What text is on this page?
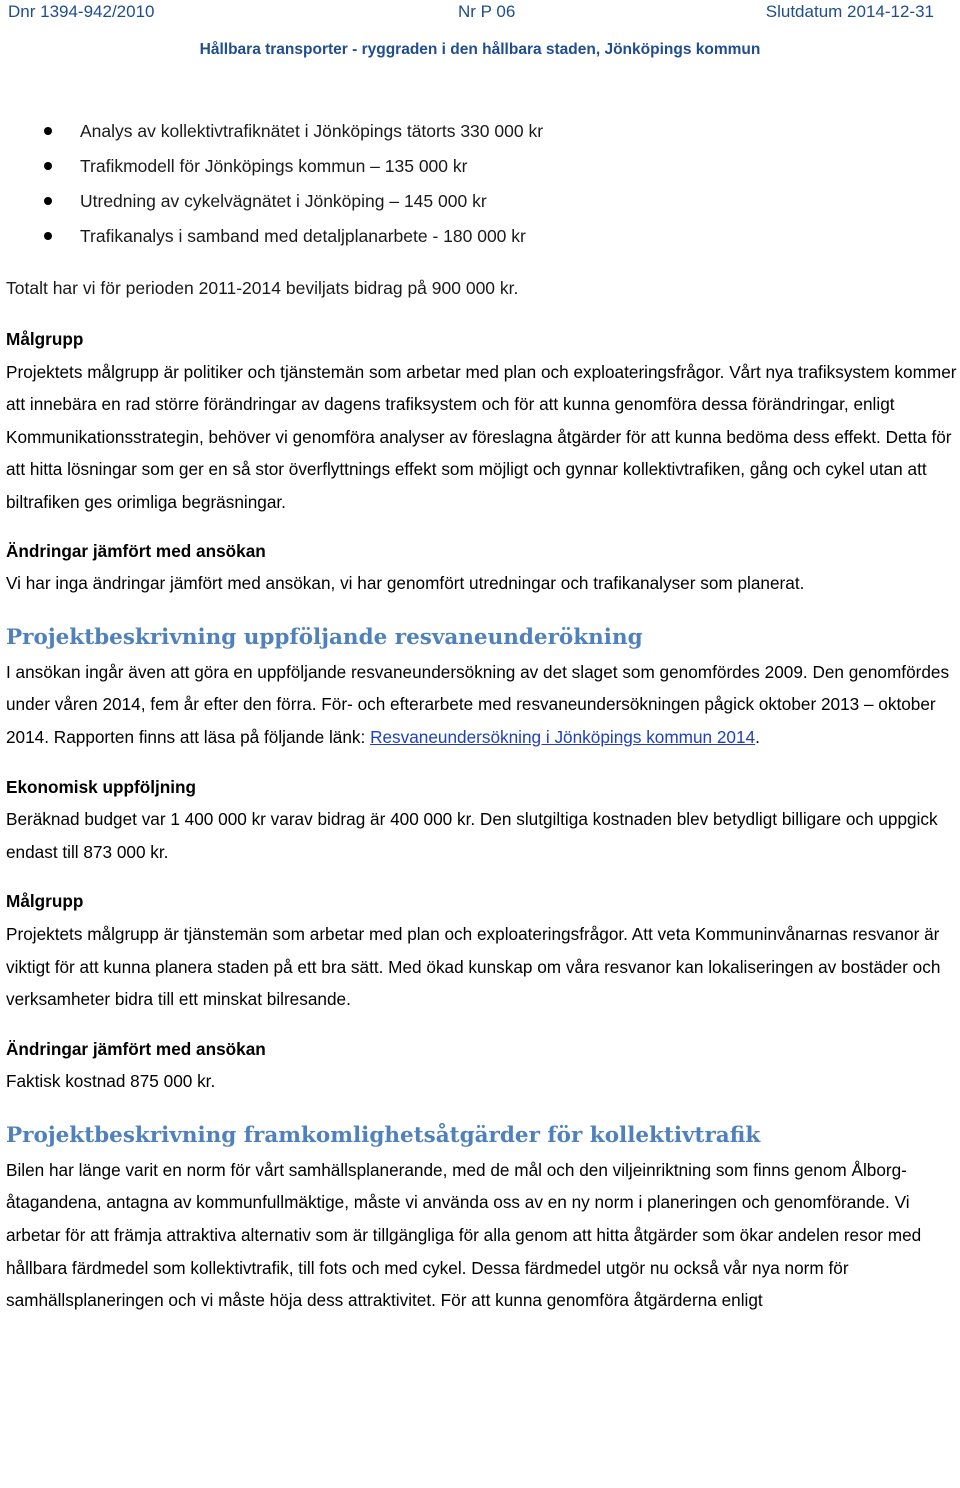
Dnr 1394-942/2010	Nr P 06	Slutdatum 2014-12-31
Hållbara transporter - ryggraden i den hållbara staden, Jönköpings kommun
Analys av kollektivtrafiknätet i Jönköpings tätorts 330 000 kr
Trafikmodell för Jönköpings kommun – 135 000 kr
Utredning av cykelvägnätet i Jönköping – 145 000 kr
Trafikanalys i samband med detaljplanarbete - 180 000 kr

Totalt har vi för perioden 2011-2014 beviljats bidrag på 900 000 kr.

Målgrupp

Projektets målgrupp är politiker och tjänstemän som arbetar med plan och exploateringsfrågor. Vårt nya trafiksystem kommer att innebära en rad större förändringar av dagens trafiksystem och för att kunna genomföra dessa förändringar, enligt Kommunikationsstrategin, behöver vi genomföra analyser av föreslagna åtgärder för att kunna bedöma dess effekt. Detta för att hitta lösningar som ger en så stor överflyttnings effekt som möjligt och gynnar kollektivtrafiken, gång och cykel utan att biltrafiken ges orimliga begräsningar.

Ändringar jämfört med ansökan

Vi har inga ändringar jämfört med ansökan, vi har genomfört utredningar och trafikanalyser som planerat.

Projektbeskrivning uppföljande resvaneunderökning

I ansökan ingår även att göra en uppföljande resvaneundersökning av det slaget som genomfördes 2009. Den genomfördes under våren 2014, fem år efter den förra. För- och efterarbete med resvaneundersökningen pågick oktober 2013 – oktober 2014. Rapporten finns att läsa på följande länk: Resvaneundersökning i Jönköpings kommun 2014.

Ekonomisk uppföljning

Beräknad budget var 1 400 000 kr varav bidrag är 400 000 kr. Den slutgiltiga kostnaden blev betydligt billigare och uppgick endast till 873 000 kr.

Målgrupp

Projektets målgrupp är tjänstemän som arbetar med plan och exploateringsfrågor. Att veta Kommuninvånarnas resvanor är viktigt för att kunna planera staden på ett bra sätt. Med ökad kunskap om våra resvanor kan lokaliseringen av bostäder och verksamheter bidra till ett minskat bilresande.

Ändringar jämfört med ansökan

Faktisk kostnad 875 000 kr.

Projektbeskrivning framkomlighetsåtgärder för kollektivtrafik

Bilen har länge varit en norm för vårt samhällsplanerande, med de mål och den viljeinriktning som finns genom Ålborg-åtagandena, antagna av kommunfullmäktige, måste vi använda oss av en ny norm i planeringen och genomförande. Vi arbetar för att främja attraktiva alternativ som är tillgängliga för alla genom att hitta åtgärder som ökar andelen resor med hållbara färdmedel som kollektivtrafik, till fots och med cykel. Dessa färdmedel utgör nu också vår nya norm för samhällsplaneringen och vi måste höja dess attraktivitet. För att kunna genomföra åtgärderna enligt
